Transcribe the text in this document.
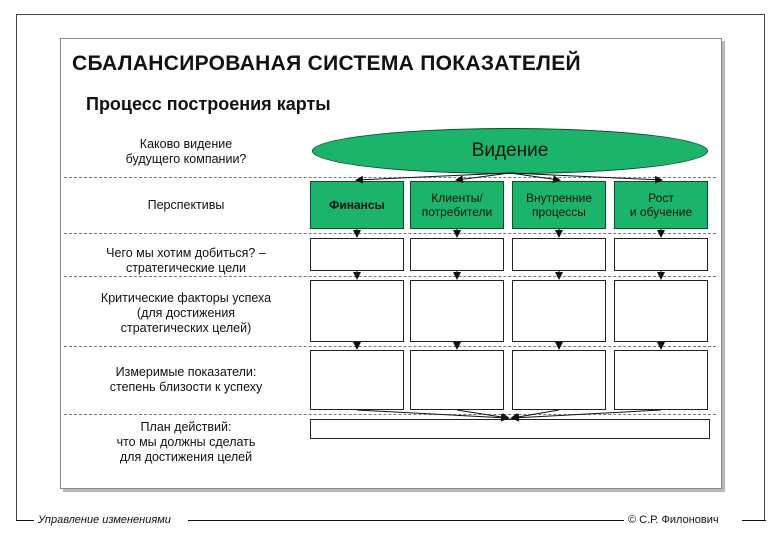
Управление изменениями	© С.Р. Филонович
СБАЛАНСИРОВАНАЯ СИСТЕМА ПОКАЗАТЕЛЕЙ
Процесс построения карты
Каково видение
будущего компании?
Перспективы
Чего мы хотим добиться? –
стратегические цели
Критические факторы успеха
(для достижения
стратегических целей)
Измеримые показатели:
степень близости к успеху
План действий:
что мы должны сделать
для достижения целей
Видение
Финансы	Клиенты/
потребители
Внутренние
процессы
Рост
и обучение
